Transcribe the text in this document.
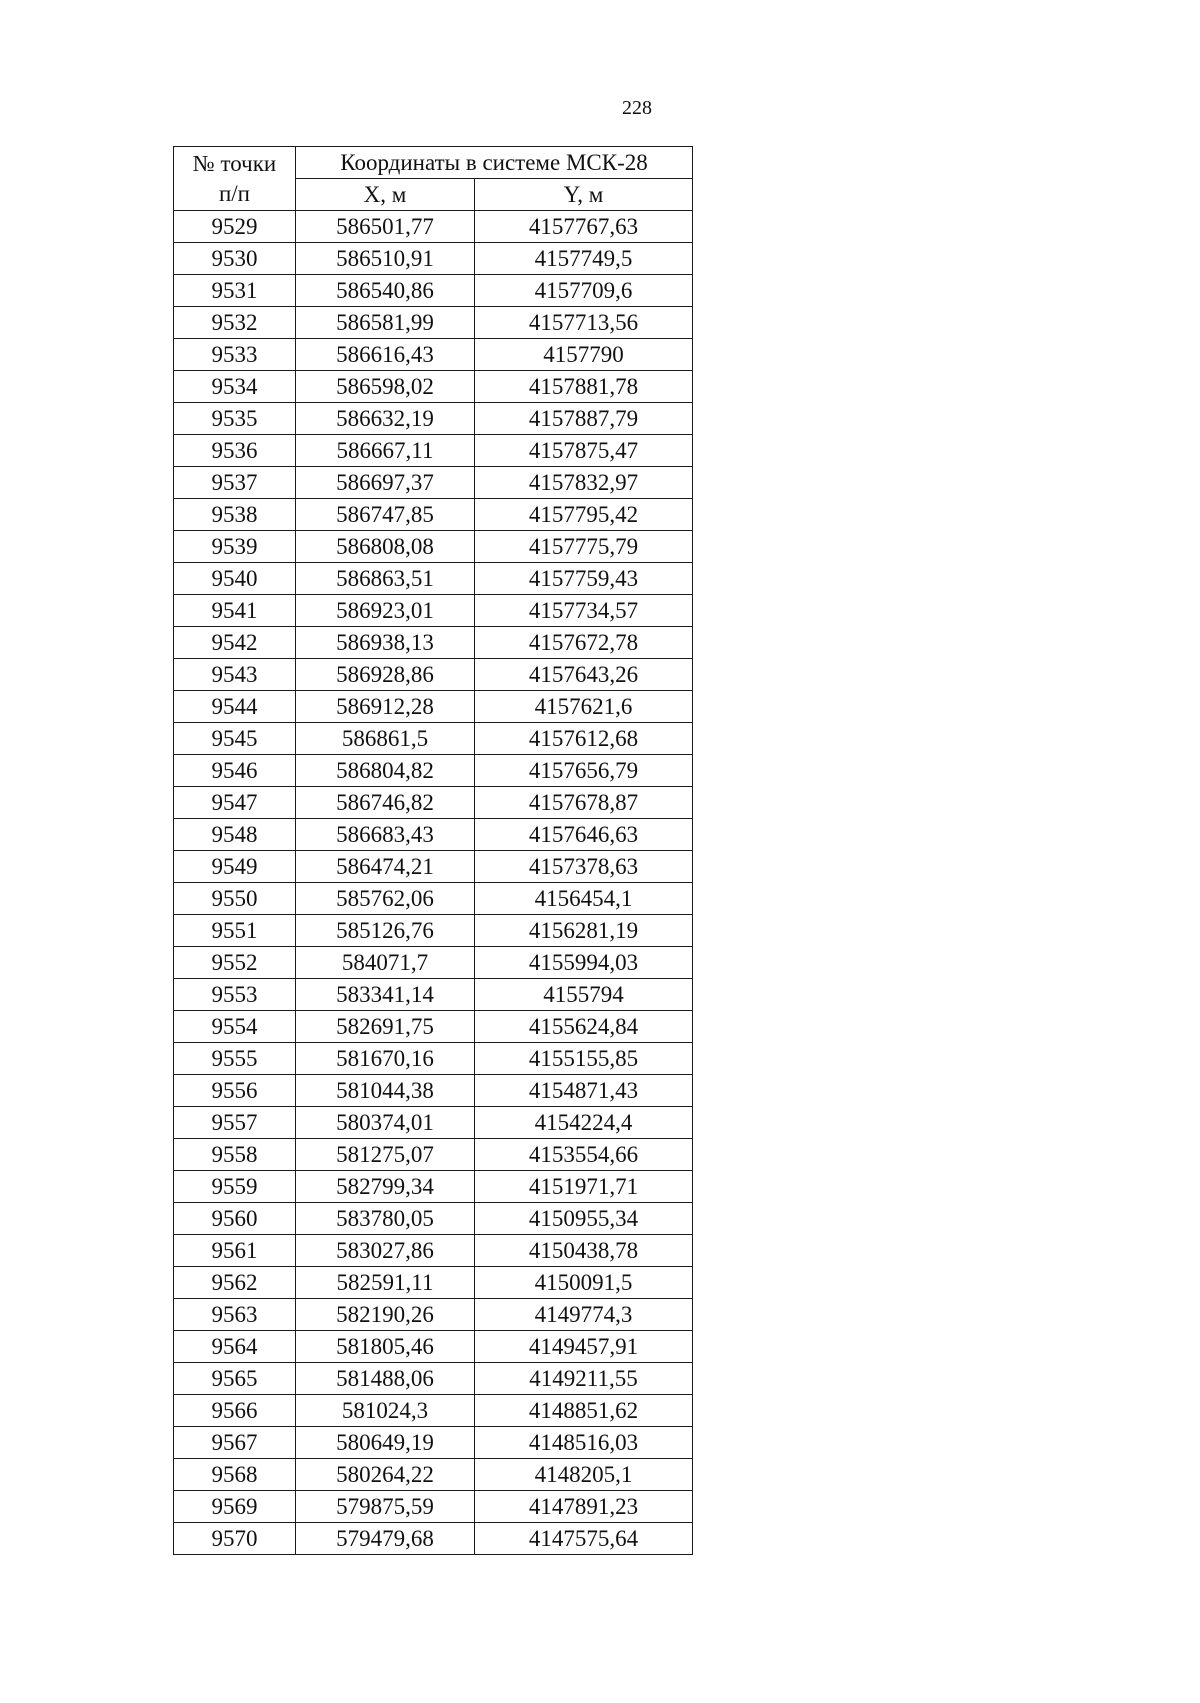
228
№ точки
п/п	Координаты в системе МСК-28	
	X, м	Y, м
9529	586501,77	4157767,63
9530	586510,91	4157749,5
9531	586540,86	4157709,6
9532	586581,99	4157713,56
9533	586616,43	4157790
9534	586598,02	4157881,78
9535	586632,19	4157887,79
9536	586667,11	4157875,47
9537	586697,37	4157832,97
9538	586747,85	4157795,42
9539	586808,08	4157775,79
9540	586863,51	4157759,43
9541	586923,01	4157734,57
9542	586938,13	4157672,78
9543	586928,86	4157643,26
9544	586912,28	4157621,6
9545	586861,5	4157612,68
9546	586804,82	4157656,79
9547	586746,82	4157678,87
9548	586683,43	4157646,63
9549	586474,21	4157378,63
9550	585762,06	4156454,1
9551	585126,76	4156281,19
9552	584071,7	4155994,03
9553	583341,14	4155794
9554	582691,75	4155624,84
9555	581670,16	4155155,85
9556	581044,38	4154871,43
9557	580374,01	4154224,4
9558	581275,07	4153554,66
9559	582799,34	4151971,71
9560	583780,05	4150955,34
9561	583027,86	4150438,78
9562	582591,11	4150091,5
9563	582190,26	4149774,3
9564	581805,46	4149457,91
9565	581488,06	4149211,55
9566	581024,3	4148851,62
9567	580649,19	4148516,03
9568	580264,22	4148205,1
9569	579875,59	4147891,23
9570	579479,68	4147575,64
